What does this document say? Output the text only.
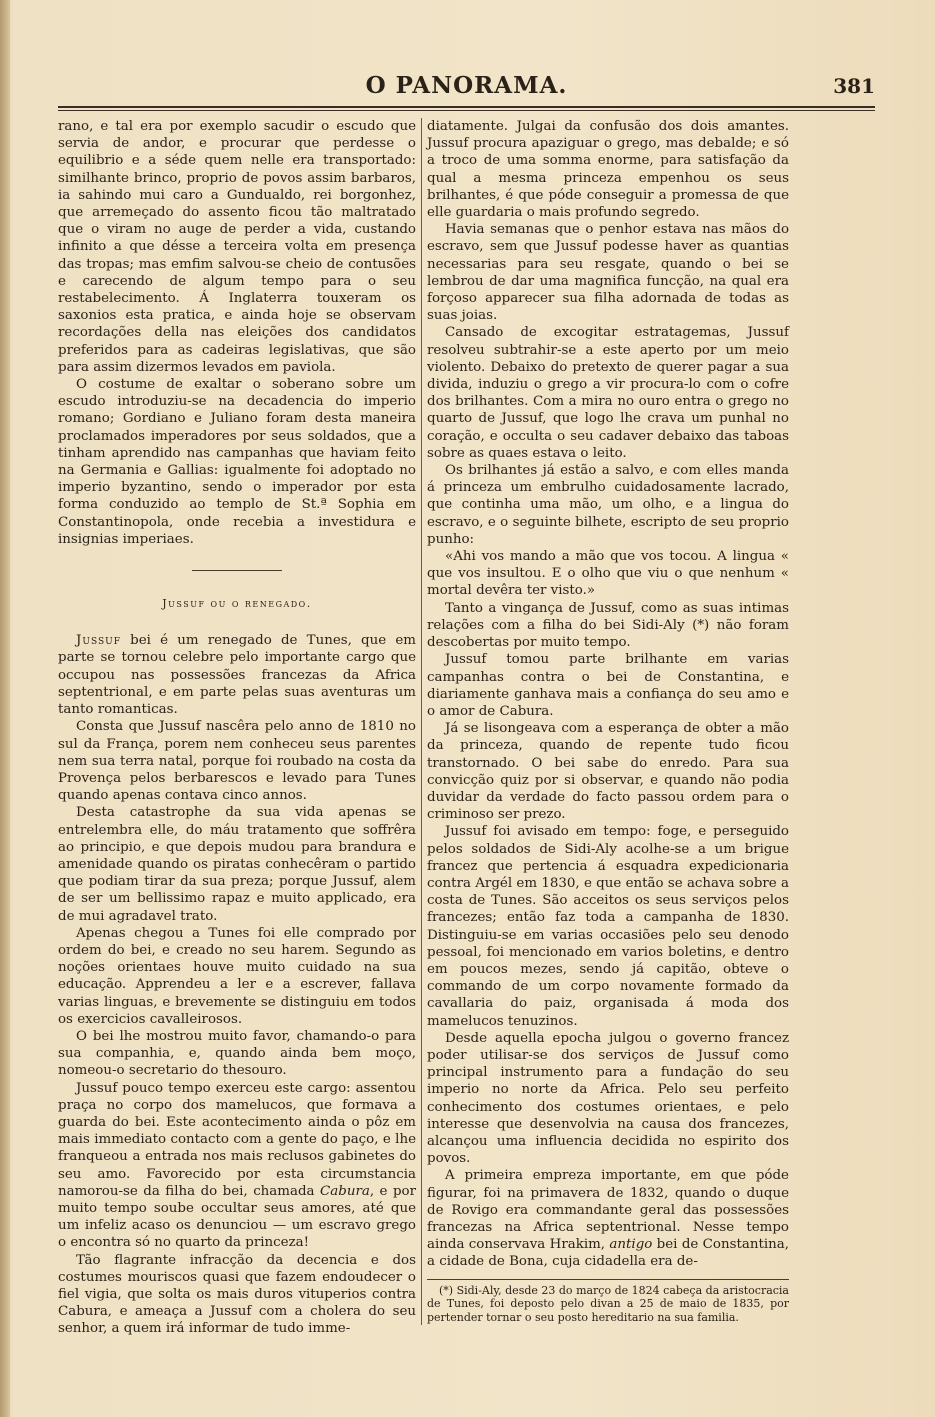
O PANORAMA.	381

rano, e tal era por exemplo sacudir o escudo que servia de andor, e procurar que perdesse o equilibrio e a séde quem nelle era transportado: similhante brinco, proprio de povos assim barbaros, ia sahindo mui caro a Gundualdo, rei borgonhez, que arremeçado do assento ficou tão maltratado que o viram no auge de perder a vida, custando infinito a que désse a terceira volta em presença das tropas; mas emfim salvou-se cheio de contusões e carecendo de algum tempo para o seu restabelecimento. Á Inglaterra touxeram os saxonios esta pratica, e ainda hoje se observam recordações della nas eleições dos candidatos preferidos para as cadeiras legislativas, que são para assim dizermos levados em paviola.

O costume de exaltar o soberano sobre um escudo introduziu-se na decadencia do imperio romano; Gordiano e Juliano foram desta maneira proclamados imperadores por seus soldados, que a tinham aprendido nas campanhas que haviam feito na Germania e Gallias: igualmente foi adoptado no imperio byzantino, sendo o imperador por esta forma conduzido ao templo de St.ª Sophia em Constantinopola, onde recebia a investidura e insignias imperiaes.

Jussuf ou o renegado.

Jussuf bei é um renegado de Tunes, que em parte se tornou celebre pelo importante cargo que occupou nas possessões francezas da Africa septentrional, e em parte pelas suas aventuras um tanto romanticas.

Consta que Jussuf nascêra pelo anno de 1810 no sul da França, porem nem conheceu seus parentes nem sua terra natal, porque foi roubado na costa da Provença pelos berbarescos e levado para Tunes quando apenas contava cinco annos.

Desta catastrophe da sua vida apenas se entrelembra elle, do máu tratamento que soffrêra ao principio, e que depois mudou para brandura e amenidade quando os piratas conhecêram o partido que podiam tirar da sua preza; porque Jussuf, alem de ser um bellissimo rapaz e muito applicado, era de mui agradavel trato.

Apenas chegou a Tunes foi elle comprado por ordem do bei, e creado no seu harem. Segundo as noções orientaes houve muito cuidado na sua educação. Apprendeu a ler e a escrever, fallava varias linguas, e brevemente se distinguiu em todos os exercicios cavalleirosos.

O bei lhe mostrou muito favor, chamando-o para sua companhia, e, quando ainda bem moço, nomeou-o secretario do thesouro.

Jussuf pouco tempo exerceu este cargo: assentou praça no corpo dos mamelucos, que formava a guarda do bei. Este acontecimento ainda o pôz em mais immediato contacto com a gente do paço, e lhe franqueou a entrada nos mais reclusos gabinetes do seu amo. Favorecido por esta circumstancia namorou-se da filha do bei, chamada Cabura, e por muito tempo soube occultar seus amores, até que um infeliz acaso os denunciou — um escravo grego o encontra só no quarto da princeza!

Tão flagrante infracção da decencia e dos costumes mouriscos quasi que fazem endoudecer o fiel vigia, que solta os mais duros vituperios contra Cabura, e ameaça a Jussuf com a cholera do seu senhor, a quem irá informar de tudo imme-

diatamente. Julgai da confusão dos dois amantes. Jussuf procura apaziguar o grego, mas debalde; e só a troco de uma somma enorme, para satisfação da qual a mesma princeza empenhou os seus brilhantes, é que póde conseguir a promessa de que elle guardaria o mais profundo segredo.

Havia semanas que o penhor estava nas mãos do escravo, sem que Jussuf podesse haver as quantias necessarias para seu resgate, quando o bei se lembrou de dar uma magnifica funcção, na qual era forçoso apparecer sua filha adornada de todas as suas joias.

Cansado de excogitar estratagemas, Jussuf resolveu subtrahir-se a este aperto por um meio violento. Debaixo do pretexto de querer pagar a sua divida, induziu o grego a vir procura-lo com o cofre dos brilhantes. Com a mira no ouro entra o grego no quarto de Jussuf, que logo lhe crava um punhal no coração, e occulta o seu cadaver debaixo das taboas sobre as quaes estava o leito.

Os brilhantes já estão a salvo, e com elles manda á princeza um embrulho cuidadosamente lacrado, que continha uma mão, um olho, e a lingua do escravo, e o seguinte bilhete, escripto de seu proprio punho:

«Ahi vos mando a mão que vos tocou. A lingua « que vos insultou. E o olho que viu o que nenhum « mortal devêra ter visto.»

Tanto a vingança de Jussuf, como as suas intimas relações com a filha do bei Sidi-Aly (*) não foram descobertas por muito tempo.

Jussuf tomou parte brilhante em varias campanhas contra o bei de Constantina, e diariamente ganhava mais a confiança do seu amo e o amor de Cabura.

Já se lisongeava com a esperança de obter a mão da princeza, quando de repente tudo ficou transtornado. O bei sabe do enredo. Para sua convicção quiz por si observar, e quando não podia duvidar da verdade do facto passou ordem para o criminoso ser prezo.

Jussuf foi avisado em tempo: foge, e perseguido pelos soldados de Sidi-Aly acolhe-se a um brigue francez que pertencia á esquadra expedicionaria contra Argél em 1830, e que então se achava sobre a costa de Tunes. São acceitos os seus serviços pelos francezes; então faz toda a campanha de 1830. Distinguiu-se em varias occasiões pelo seu denodo pessoal, foi mencionado em varios boletins, e dentro em poucos mezes, sendo já capitão, obteve o commando de um corpo novamente formado da cavallaria do paiz, organisada á moda dos mamelucos tenuzinos.

Desde aquella epocha julgou o governo francez poder utilisar-se dos serviços de Jussuf como principal instrumento para a fundação do seu imperio no norte da Africa. Pelo seu perfeito conhecimento dos costumes orientaes, e pelo interesse que desenvolvia na causa dos francezes, alcançou uma influencia decidida no espirito dos povos.

A primeira empreza importante, em que póde figurar, foi na primavera de 1832, quando o duque de Rovigo era commandante geral das possessões francezas na Africa septentrional. Nesse tempo ainda conservava Hrakim, antigo bei de Constantina, a cidade de Bona, cuja cidadella era de-

(*) Sidi-Aly, desde 23 do março de 1824 cabeça da aristocracia de Tunes, foi deposto pelo divan a 25 de maio de 1835, por pertender tornar o seu posto hereditario na sua familia.
